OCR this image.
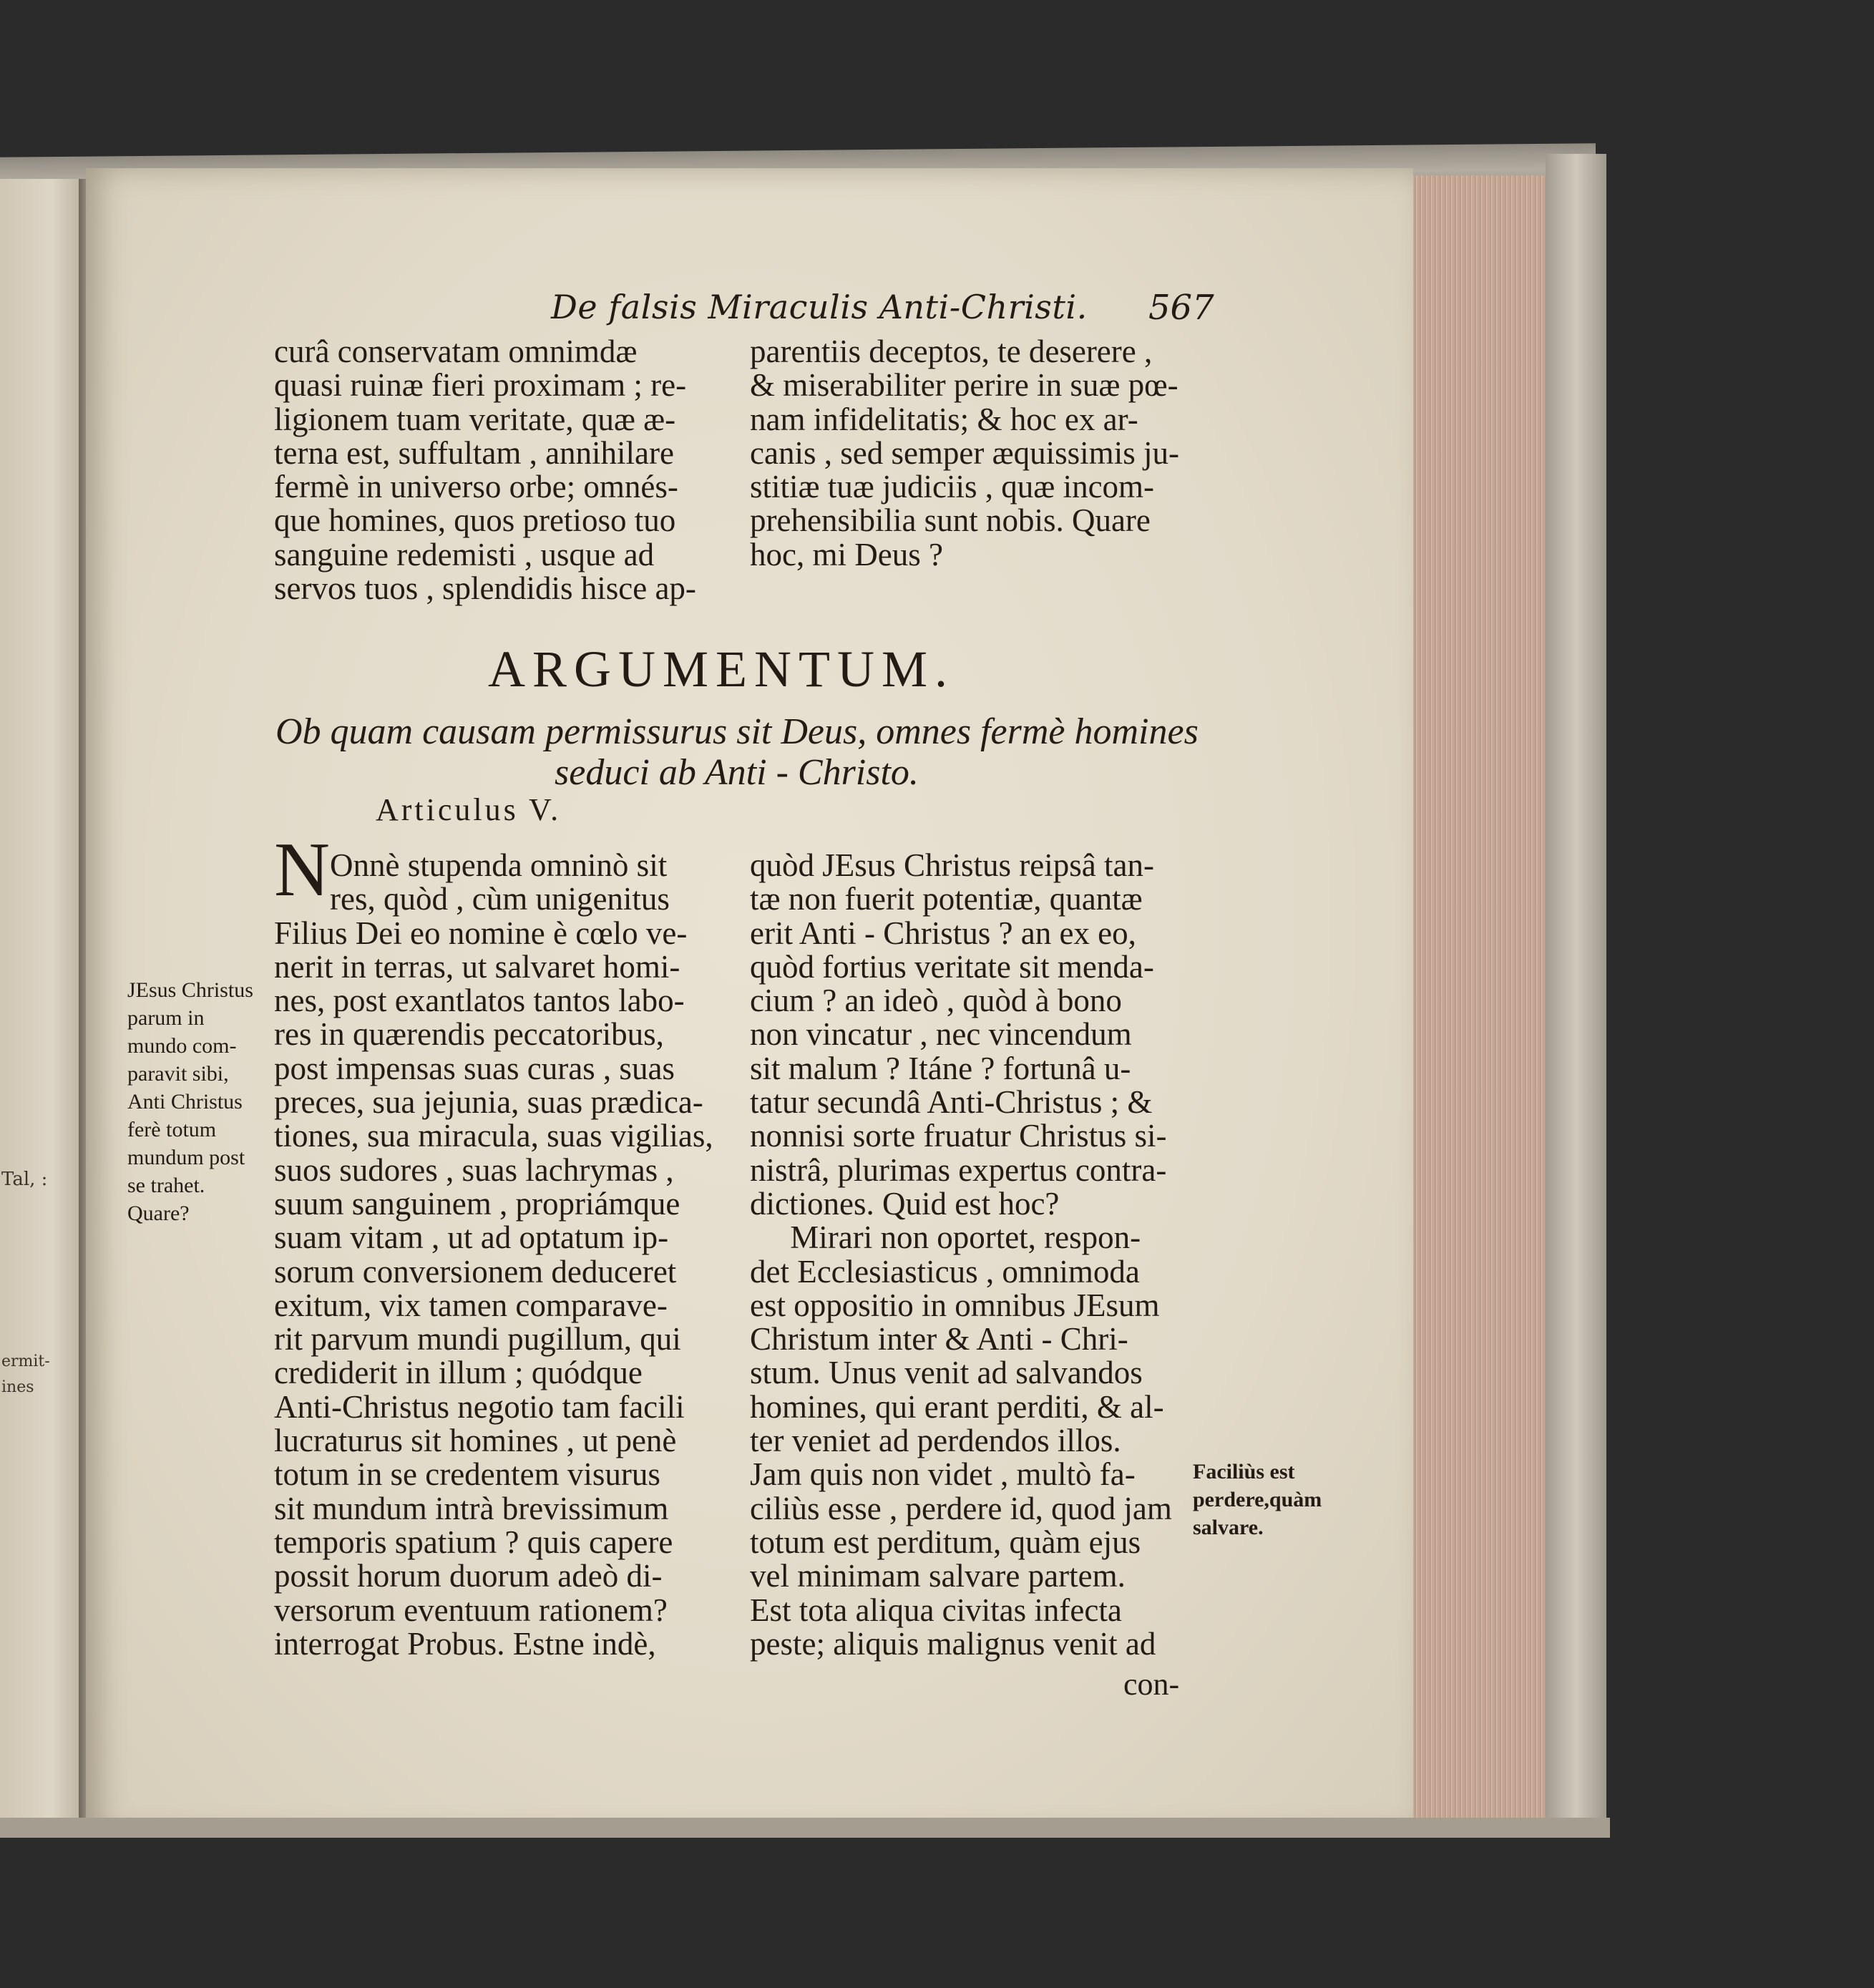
Tal, :
ermit-
ines
De falsis Miraculis Anti-Christi. 567
curâ conservatam omnimdæ
quasi ruinæ fieri proximam ; re-
ligionem tuam veritate, quæ æ-
terna est, suffultam , annihilare
fermè in universo orbe; omnés-
que homines, quos pretioso tuo
sanguine redemisti , usque ad
servos tuos , splendidis hisce ap-
parentiis deceptos, te deserere ,
& miserabiliter perire in suæ pœ-
nam infidelitatis; & hoc ex ar-
canis , sed semper æquissimis ju-
stitiæ tuæ judiciis , quæ incom-
prehensibilia sunt nobis. Quare
hoc, mi Deus ?
ARGUMENTUM.
Ob quam causam permissurus sit Deus, omnes fermè homines
seduci ab Anti - Christo.
Articulus V.
N Onnè stupenda omninò sit
res, quòd , cùm unigenitus
Filius Dei eo nomine è cœlo ve-
nerit in terras, ut salvaret homi-
nes, post exantlatos tantos labo-
res in quærendis peccatoribus,
post impensas suas curas , suas
preces, sua jejunia, suas prædica-
tiones, sua miracula, suas vigilias,
suos sudores , suas lachrymas ,
suum sanguinem , propriámque
suam vitam , ut ad optatum ip-
sorum conversionem deduceret
exitum, vix tamen comparave-
rit parvum mundi pugillum, qui
crediderit in illum ; quódque
Anti-Christus negotio tam facili
lucraturus sit homines , ut penè
totum in se credentem visurus
sit mundum intrà brevissimum
temporis spatium ? quis capere
possit horum duorum adeò di-
versorum eventuum rationem?
interrogat Probus. Estne indè,
quòd JEsus Christus reipsâ tan-
tæ non fuerit potentiæ, quantæ
erit Anti - Christus ? an ex eo,
quòd fortius veritate sit menda-
cium ? an ideò , quòd à bono
non vincatur , nec vincendum
sit malum ? Itáne ? fortunâ u-
tatur secundâ Anti-Christus ; &
nonnisi sorte fruatur Christus si-
nistrâ, plurimas expertus contra-
dictiones. Quid est hoc?
Mirari non oportet, respon-
det Ecclesiasticus , omnimoda
est oppositio in omnibus JEsum
Christum inter & Anti - Chri-
stum. Unus venit ad salvandos
homines, qui erant perditi, & al-
ter veniet ad perdendos illos.
Jam quis non videt , multò fa-
ciliùs esse , perdere id, quod jam
totum est perditum, quàm ejus
vel minimam salvare partem.
Est tota aliqua civitas infecta
peste; aliquis malignus venit ad
JEsus Christus
parum in
mundo com-
paravit sibi,
Anti Christus
ferè totum
mundum post
se trahet.
Quare?
Faciliùs est
perdere,quàm
salvare.
con-
